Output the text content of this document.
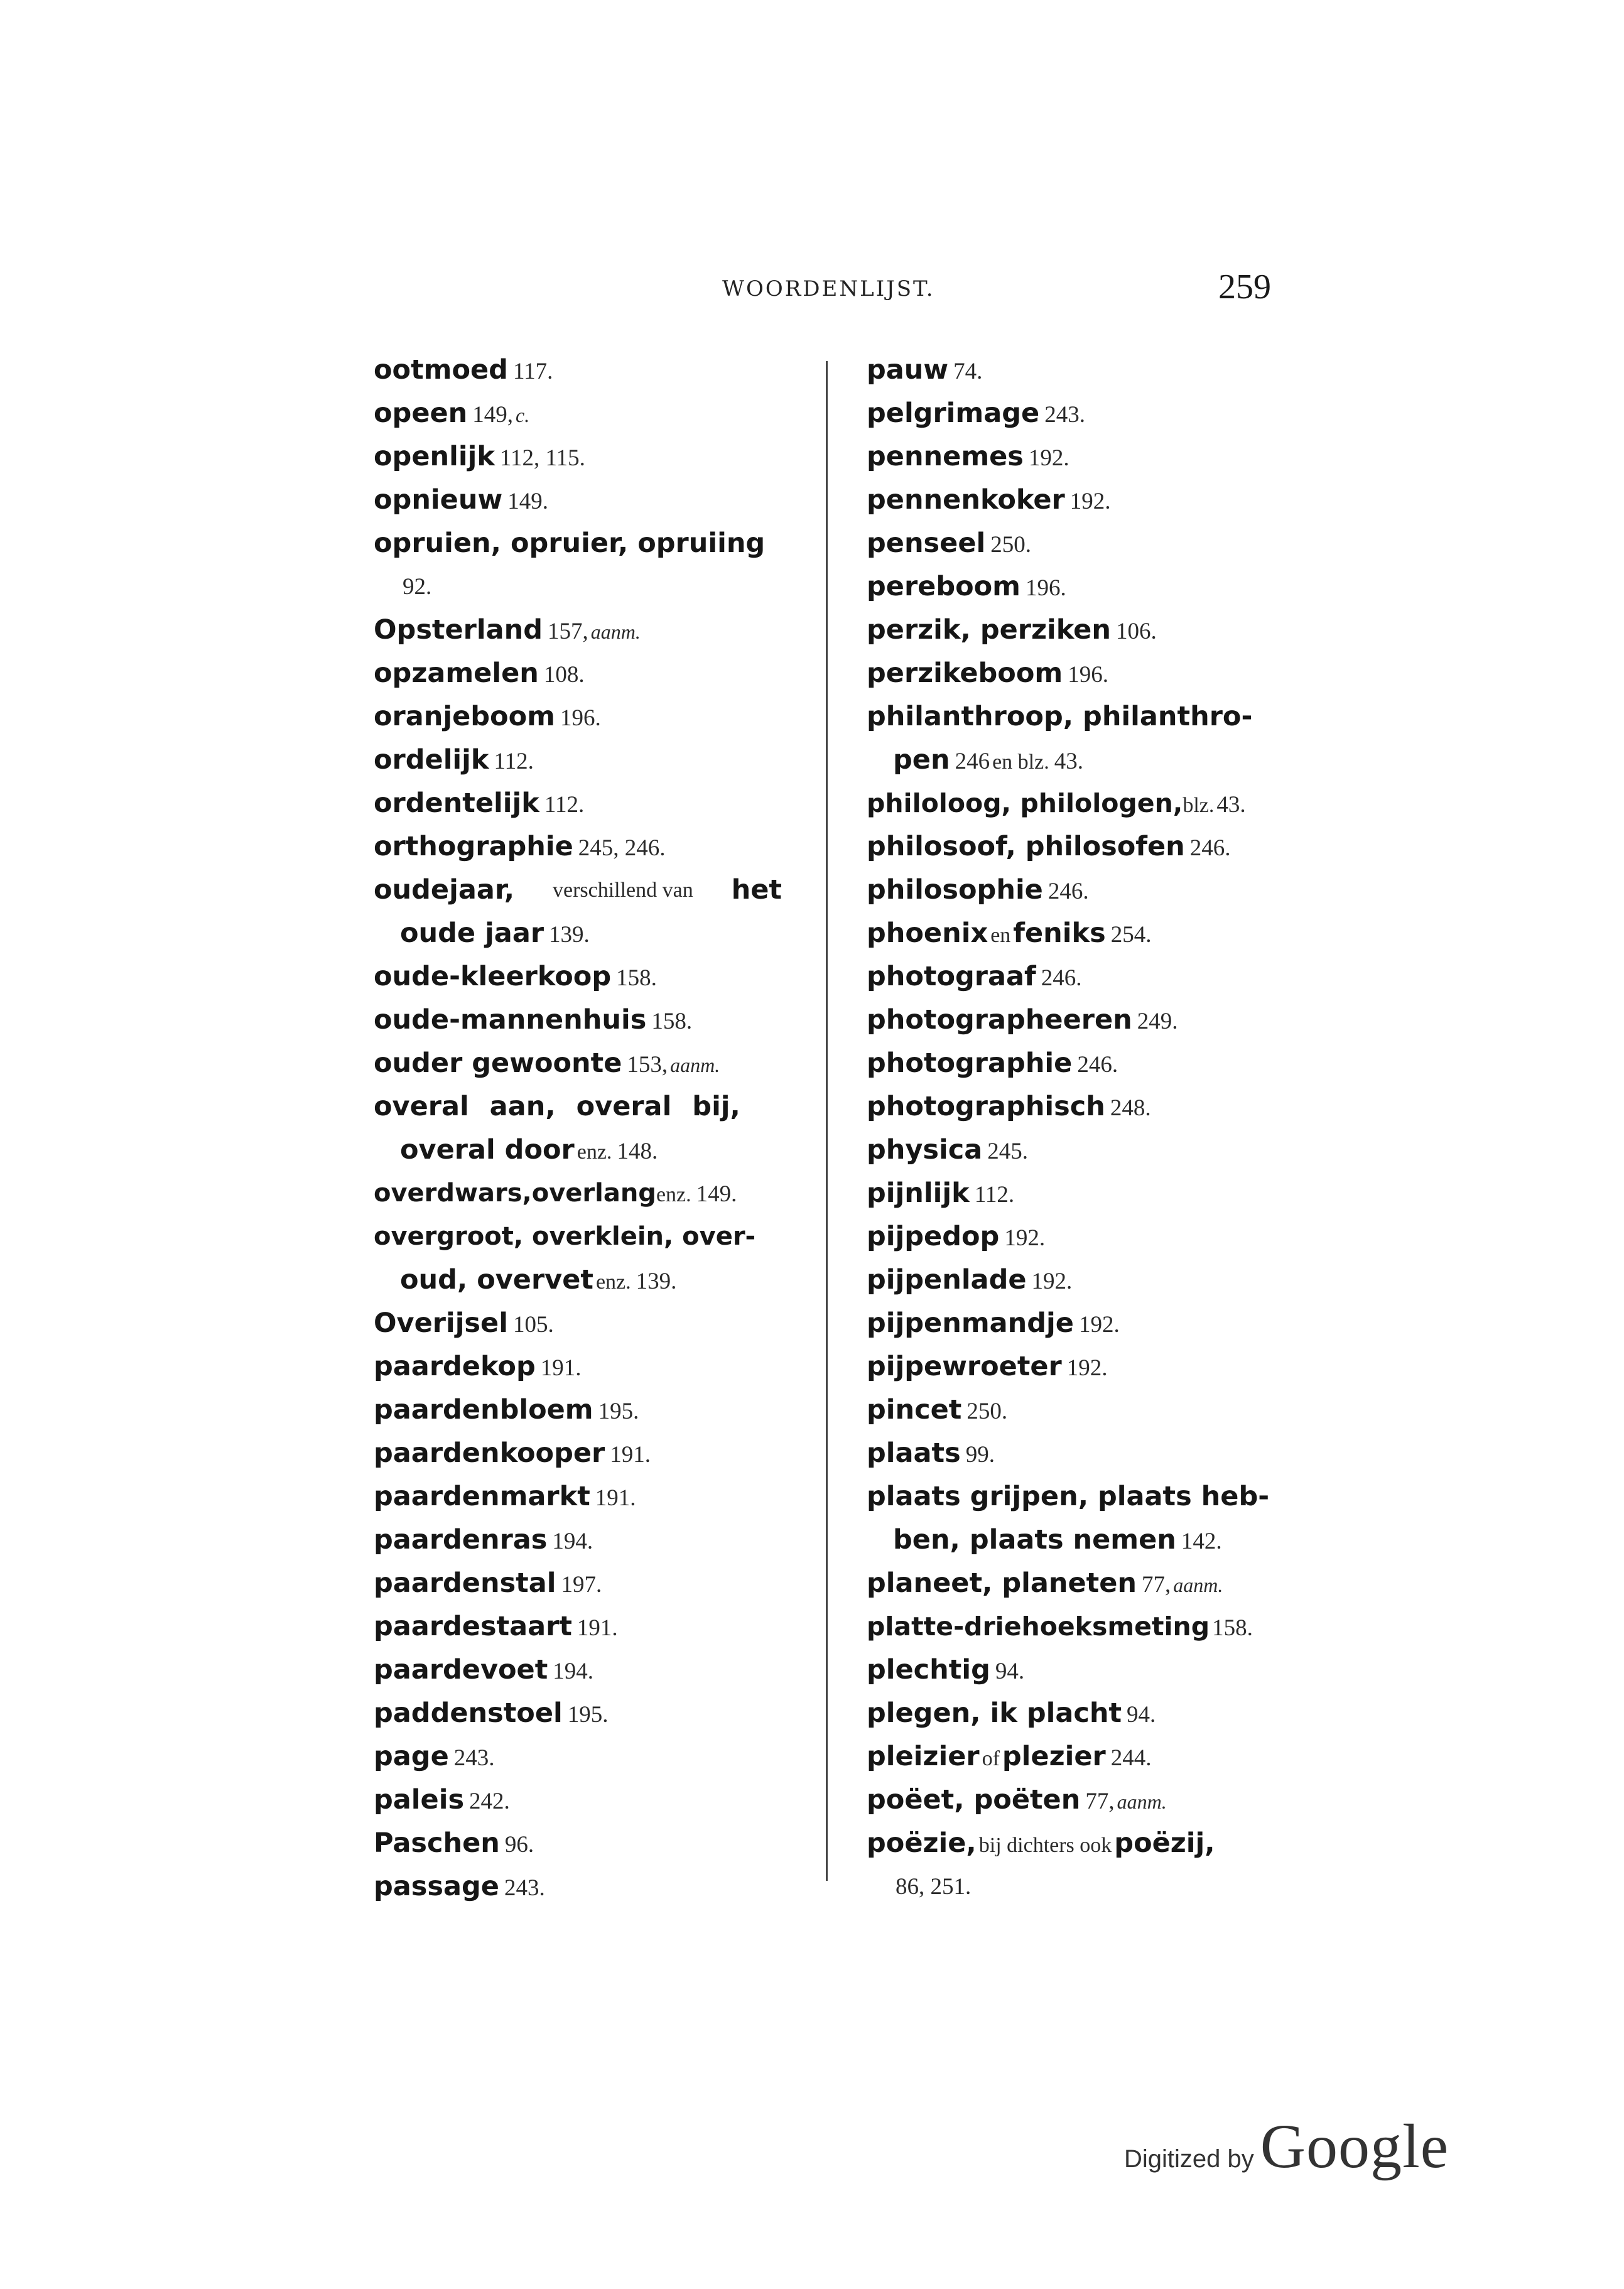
WOORDENLIJST.	259
ootmoed 117.
opeen 149, c.
openlijk 112, 115.
opnieuw 149.
opruien, opruier, opruiing
92.
Opsterland 157, aanm.
opzamelen 108.
oranjeboom 196.
ordelijk 112.
ordentelijk 112.
orthographie 245, 246.
oudejaar, verschillend van het
oude jaar 139.
oude-kleerkoop 158.
oude-mannenhuis 158.
ouder gewoonte 153, aanm.
overal aan, overal bij,
overal door enz. 148.
overdwars,overlangenz. 149.
overgroot, overklein, over-
oud, overvet enz. 139.
Overijsel 105.
paardekop 191.
paardenbloem 195.
paardenkooper 191.
paardenmarkt 191.
paardenras 194.
paardenstal 197.
paardestaart 191.
paardevoet 194.
paddenstoel 195.
page 243.
paleis 242.
Paschen 96.
passage 243.
pauw 74.
pelgrimage 243.
pennemes 192.
pennenkoker 192.
penseel 250.
pereboom 196.
perzik, perziken 106.
perzikeboom 196.
philanthroop, philanthro-
pen 246 en blz. 43.
philoloog, philologen,blz. 43.
philosoof, philosofen 246.
philosophie 246.
phoenix en feniks 254.
photograaf 246.
photographeeren 249.
photographie 246.
photographisch 248.
physica 245.
pijnlijk 112.
pijpedop 192.
pijpenlade 192.
pijpenmandje 192.
pijpewroeter 192.
pincet 250.
plaats 99.
plaats grijpen, plaats heb-
ben, plaats nemen 142.
planeet, planeten 77, aanm.
platte-driehoeksmeting 158.
plechtig 94.
plegen, ik placht 94.
pleizier of plezier 244.
poëet, poëten 77, aanm.
poëzie, bij dichters ook poëzij,
86, 251.
Digitized by Google
